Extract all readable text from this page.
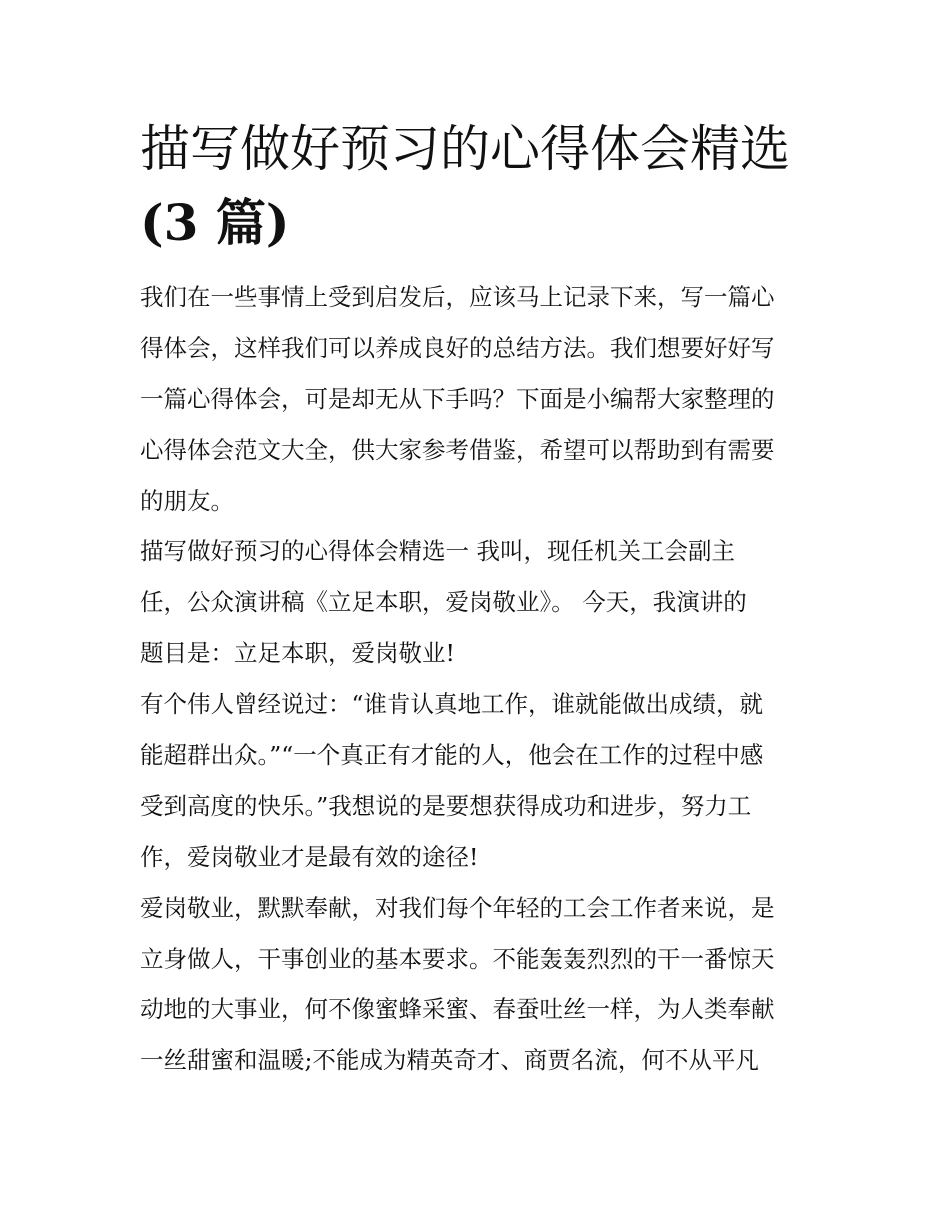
描写做好预习的心得体会精选
(3 篇)
我们在一些事情上受到启发后，应该马上记录下来，写一篇心
得体会，这样我们可以养成良好的总结方法。我们想要好好写
一篇心得体会，可是却无从下手吗？下面是小编帮大家整理的
心得体会范文大全，供大家参考借鉴，希望可以帮助到有需要
的朋友。
描写做好预习的心得体会精选一 我叫，现任机关工会副主
任，公众演讲稿《立足本职，爱岗敬业》。 今天，我演讲的
题目是：立足本职，爱岗敬业!
有个伟人曾经说过：“谁肯认真地工作，谁就能做出成绩，就
能超群出众。”“一个真正有才能的人，他会在工作的过程中感
受到高度的快乐。”我想说的是要想获得成功和进步，努力工
作，爱岗敬业才是最有效的途径!
爱岗敬业，默默奉献，对我们每个年轻的工会工作者来说，是
立身做人，干事创业的基本要求。不能轰轰烈烈的干一番惊天
动地的大事业，何不像蜜蜂采蜜、春蚕吐丝一样，为人类奉献
一丝甜蜜和温暖;不能成为精英奇才、商贾名流，何不从平凡
